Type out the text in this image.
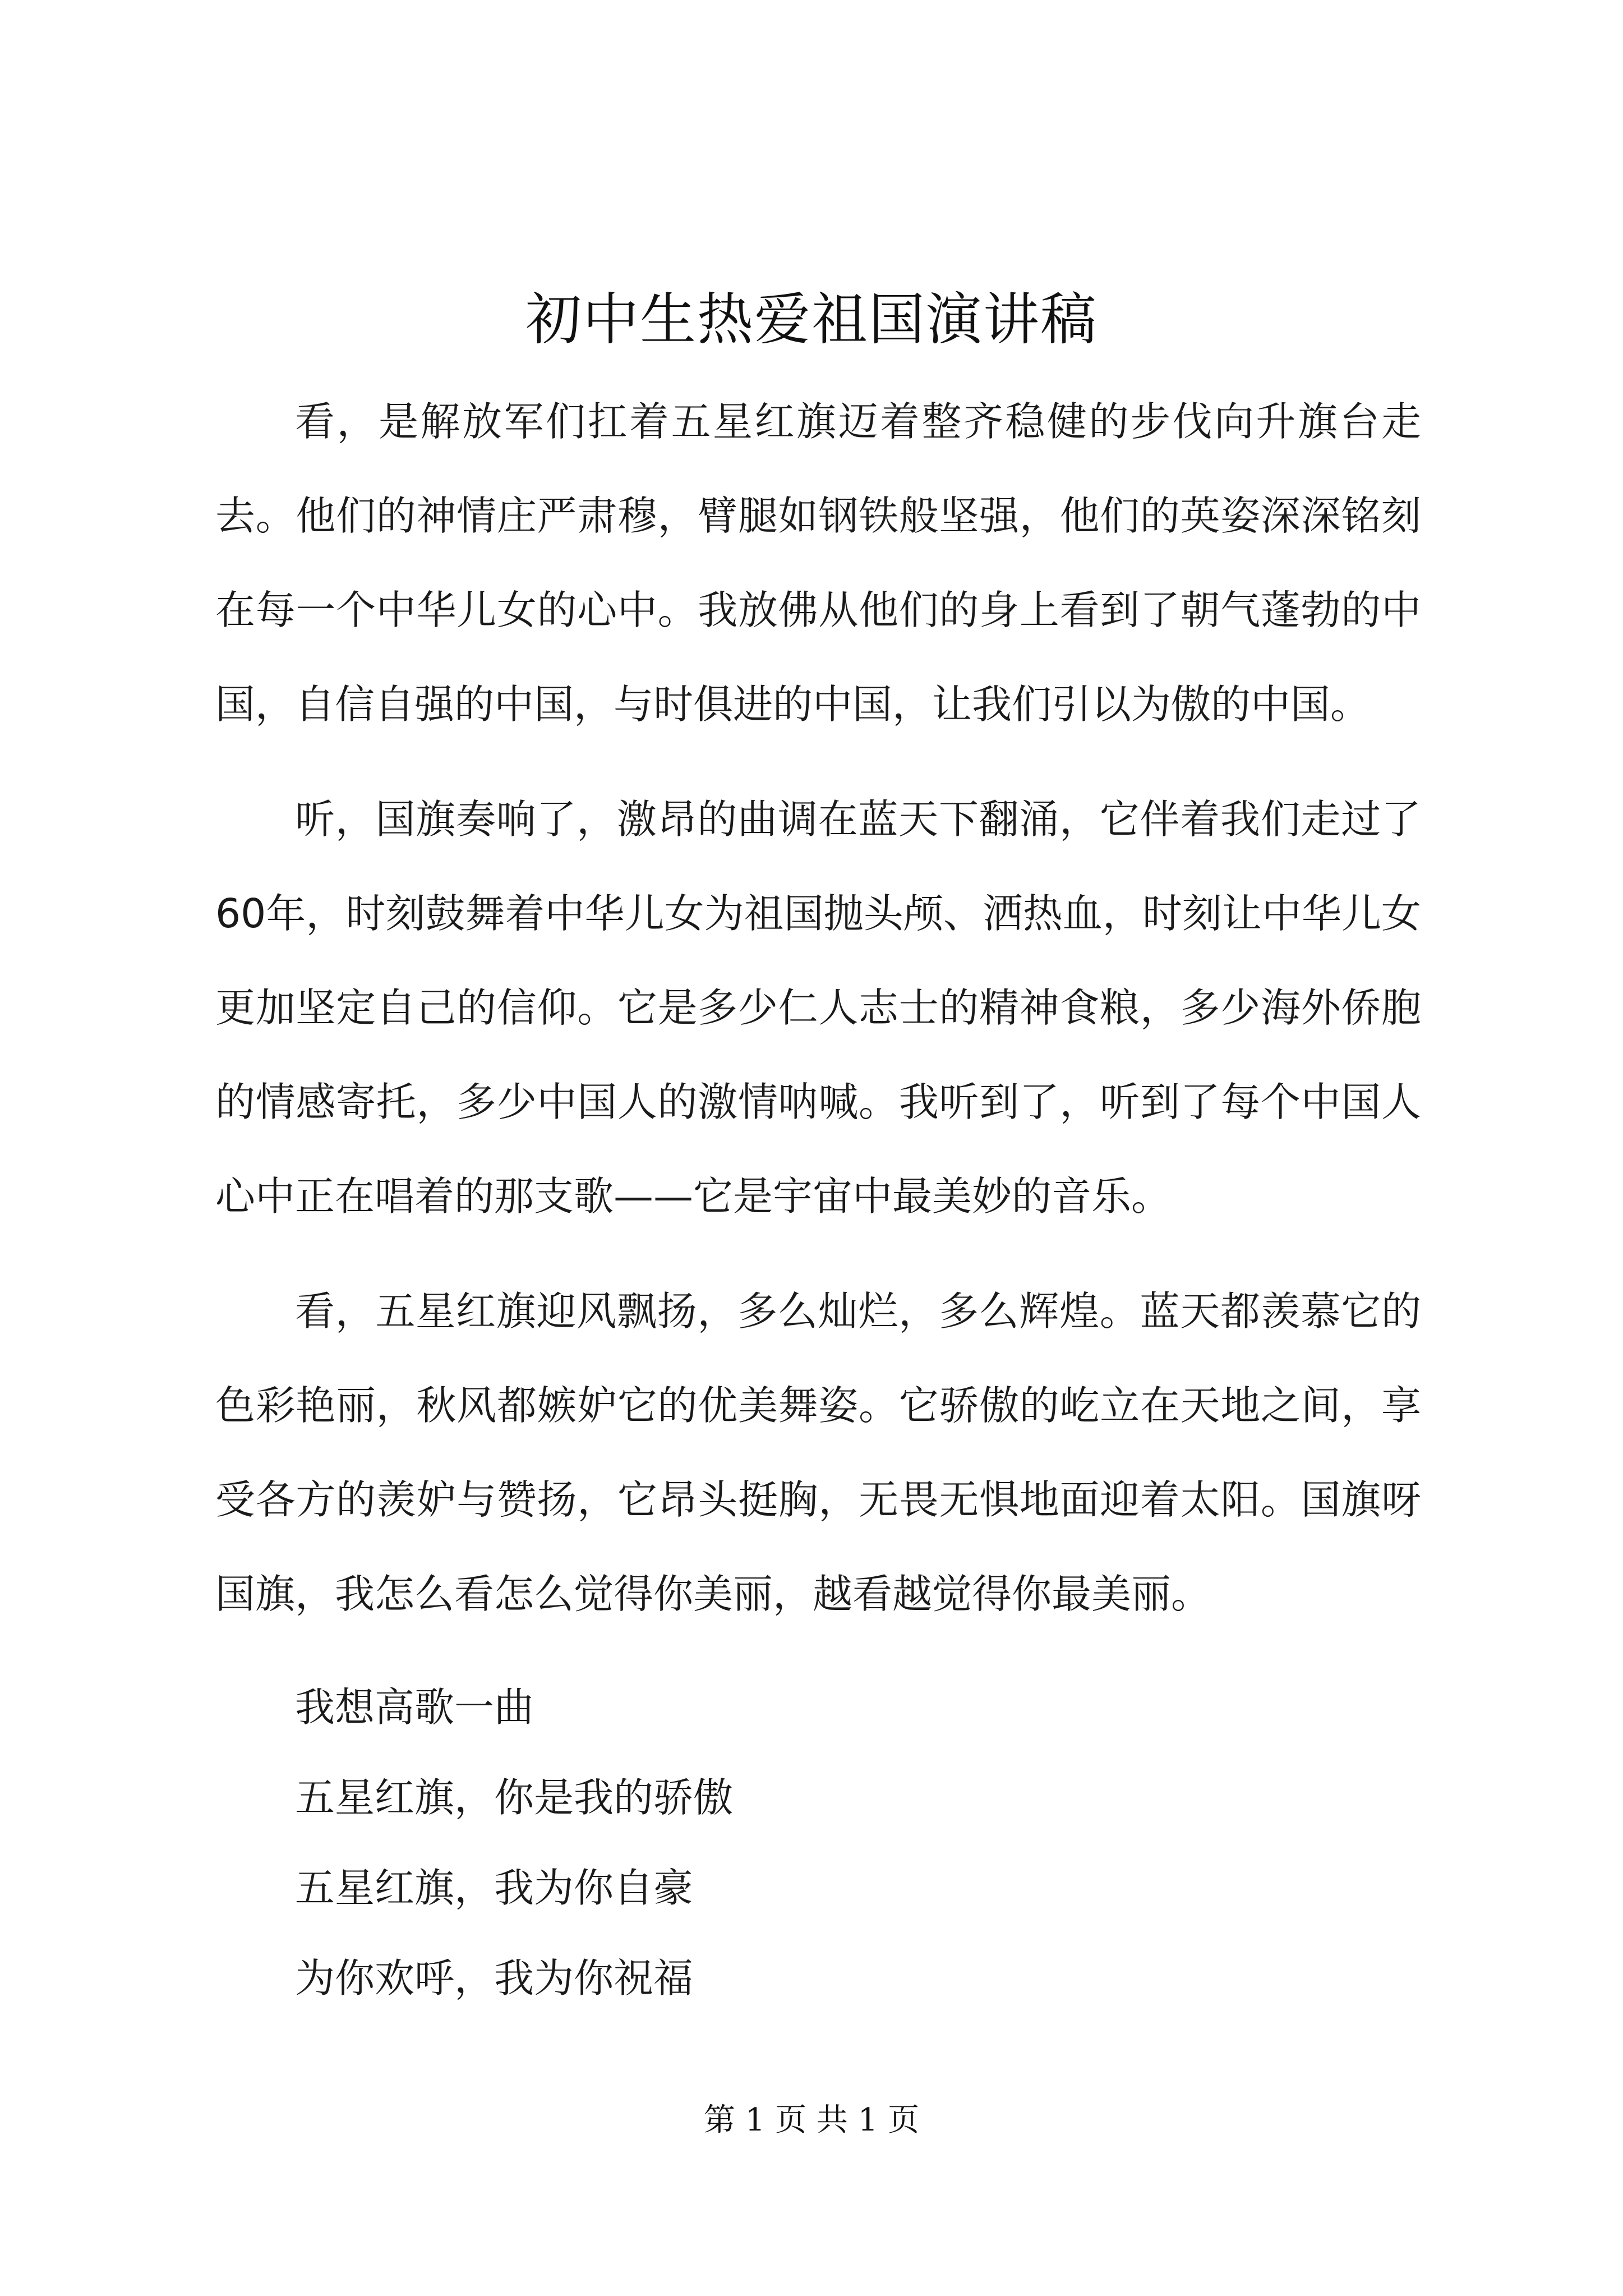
初中生热爱祖国演讲稿

看，是解放军们扛着五星红旗迈着整齐稳健的步伐向升旗台走去。他们的神情庄严肃穆，臂腿如钢铁般坚强，他们的英姿深深铭刻在每一个中华儿女的心中。我放佛从他们的身上看到了朝气蓬勃的中国，自信自强的中国，与时俱进的中国，让我们引以为傲的中国。

听，国旗奏响了，激昂的曲调在蓝天下翻涌，它伴着我们走过了60年，时刻鼓舞着中华儿女为祖国抛头颅、洒热血，时刻让中华儿女更加坚定自己的信仰。它是多少仁人志士的精神食粮，多少海外侨胞的情感寄托，多少中国人的激情呐喊。我听到了，听到了每个中国人心中正在唱着的那支歌——它是宇宙中最美妙的音乐。

看，五星红旗迎风飘扬，多么灿烂，多么辉煌。蓝天都羡慕它的色彩艳丽，秋风都嫉妒它的优美舞姿。它骄傲的屹立在天地之间，享受各方的羡妒与赞扬，它昂头挺胸，无畏无惧地面迎着太阳。国旗呀国旗，我怎么看怎么觉得你美丽，越看越觉得你最美丽。

我想高歌一曲

五星红旗，你是我的骄傲

五星红旗，我为你自豪

为你欢呼，我为你祝福

第 1 页 共 1 页
